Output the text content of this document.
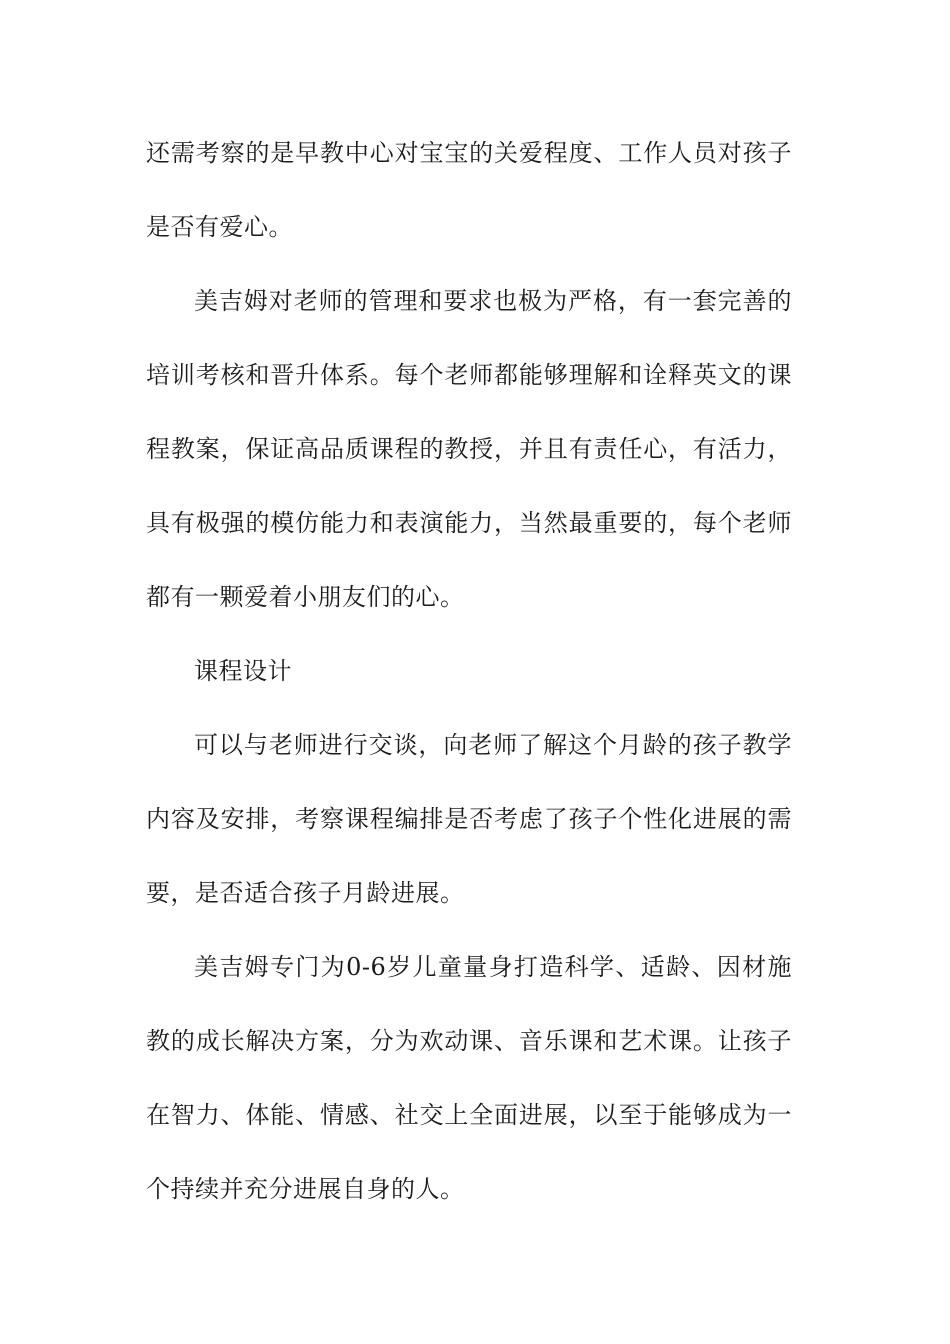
还需考察的是早教中心对宝宝的关爱程度、工作人员对孩子是否有爱心。

美吉姆对老师的管理和要求也极为严格，有一套完善的培训考核和晋升体系。每个老师都能够理解和诠释英文的课程教案，保证高品质课程的教授，并且有责任心，有活力，具有极强的模仿能力和表演能力，当然最重要的，每个老师都有一颗爱着小朋友们的心。

课程设计

可以与老师进行交谈，向老师了解这个月龄的孩子教学内容及安排，考察课程编排是否考虑了孩子个性化进展的需要，是否适合孩子月龄进展。

美吉姆专门为0-6岁儿童量身打造科学、适龄、因材施教的成长解决方案，分为欢动课、音乐课和艺术课。让孩子在智力、体能、情感、社交上全面进展，以至于能够成为一个持续并充分进展自身的人。
